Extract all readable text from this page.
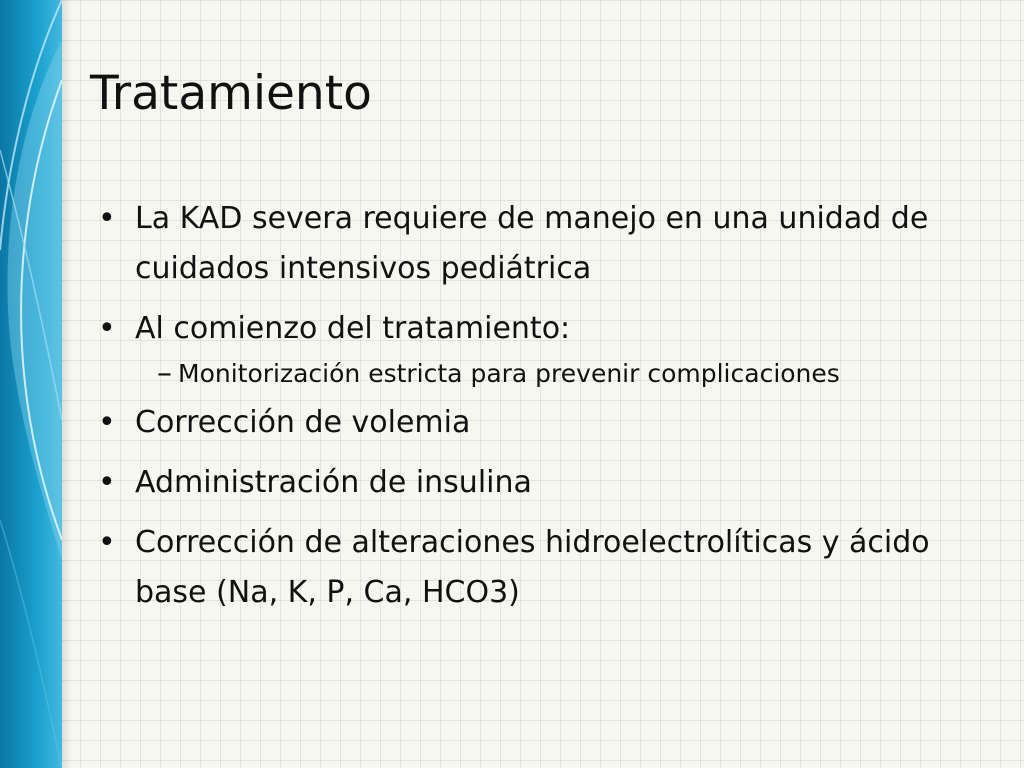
Tratamiento
• La KAD severa requiere de manejo en una unidad de cuidados intensivos pediátrica
• Al comienzo del tratamiento:
– Monitorización estricta para prevenir complicaciones
• Corrección de volemia
• Administración de insulina
• Corrección de alteraciones hidroelectrolíticas y ácido base (Na, K, P, Ca, HCO3)
